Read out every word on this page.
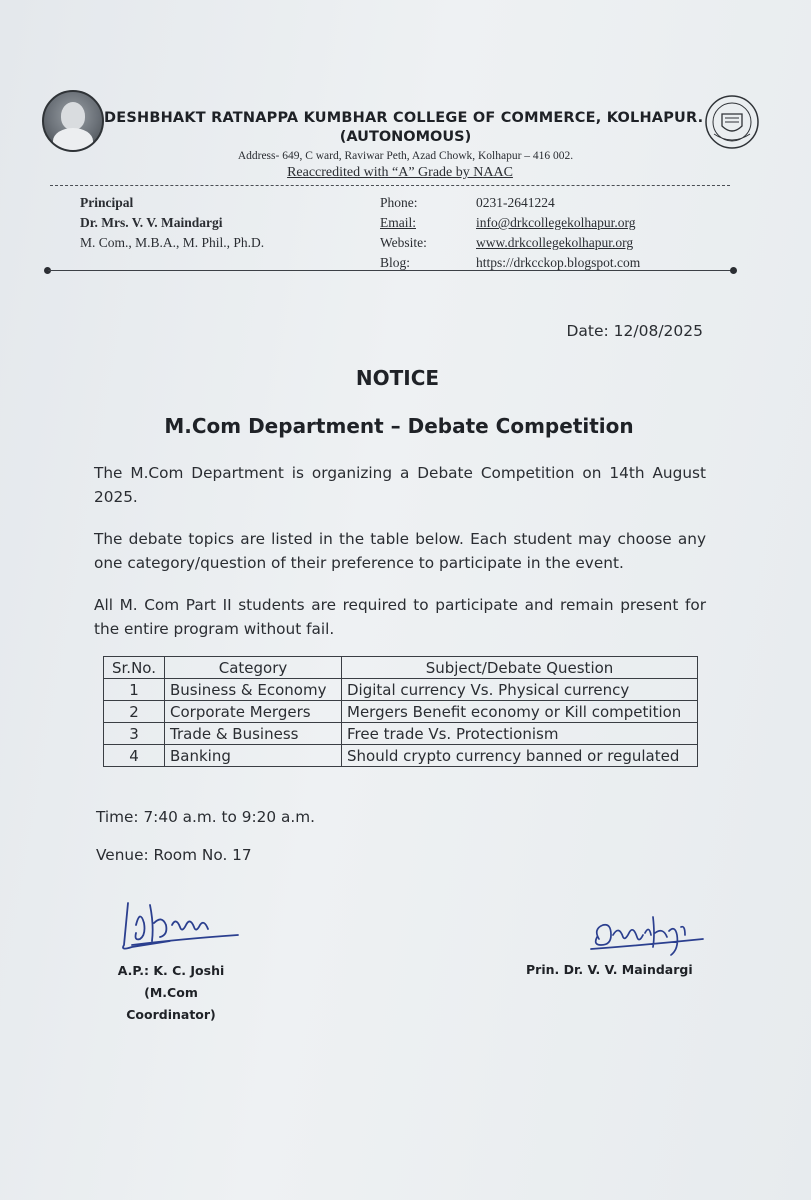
DESHBHAKT RATNAPPA KUMBHAR COLLEGE OF COMMERCE, KOLHAPUR.
(AUTONOMOUS)
Address- 649, C ward, Raviwar Peth, Azad Chowk, Kolhapur – 416 002.
Reaccredited with “A” Grade by NAAC
Principal
Dr. Mrs. V. V. Maindargi
M. Com., M.B.A., M. Phil., Ph.D.
Phone:	0231-2641224
Email:	info@drkcollegekolhapur.org
Website:	www.drkcollegekolhapur.org
Blog:	https://drkcckop.blogspot.com
Date: 12/08/2025
NOTICE
M.Com Department – Debate Competition
The M.Com Department is organizing a Debate Competition on 14th August 2025.
The debate topics are listed in the table below. Each student may choose any one category/question of their preference to participate in the event.
All M. Com Part II students are required to participate and remain present for the entire program without fail.
Sr.No.	Category	Subject/Debate Question
1	Business & Economy	Digital currency Vs. Physical currency
2	Corporate Mergers	Mergers Benefit economy or Kill competition
3	Trade & Business	Free trade Vs. Protectionism
4	Banking	Should crypto currency banned or regulated
Time: 7:40 a.m. to 9:20 a.m.
Venue: Room No. 17
A.P.: K. C. Joshi
(M.Com Coordinator)
Prin. Dr. V. V. Maindargi
